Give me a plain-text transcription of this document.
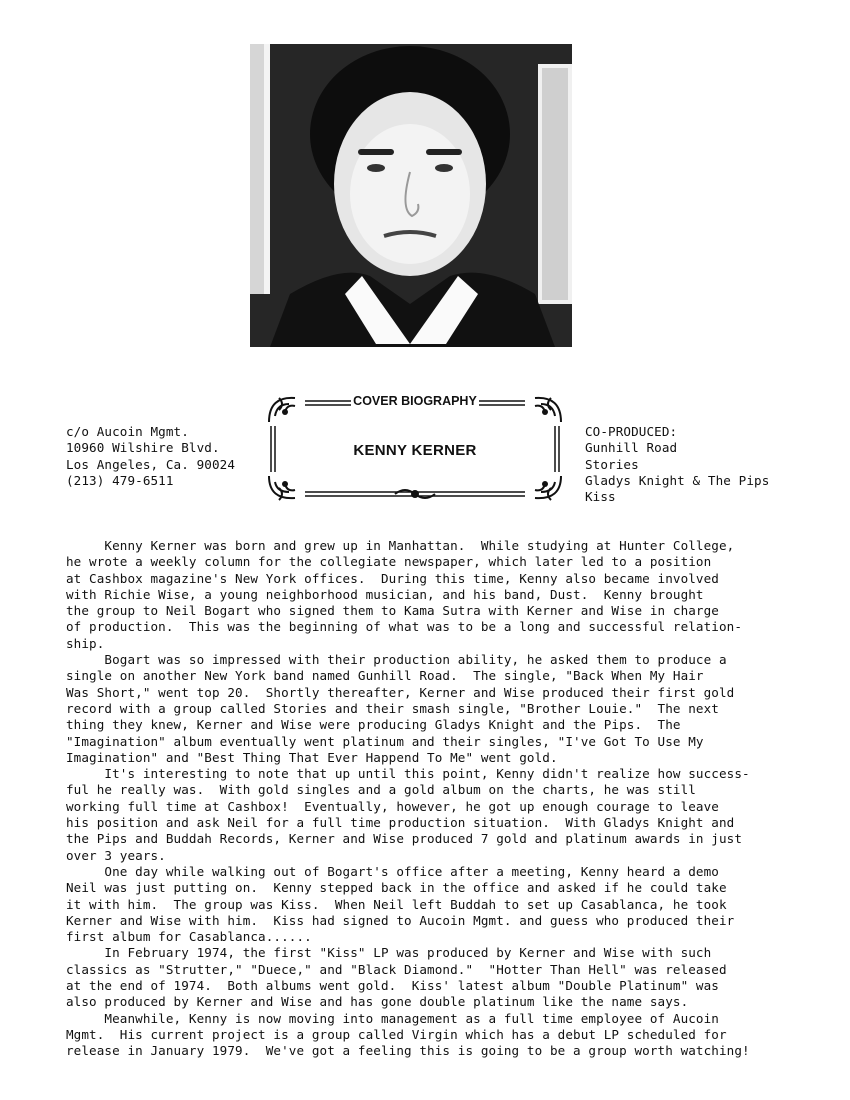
c/o Aucoin Mgmt.
10960 Wilshire Blvd.
Los Angeles, Ca. 90024
(213) 479-6511
COVER BIOGRAPHY
KENNY KERNER
CO-PRODUCED:
Gunhill Road
Stories
Gladys Knight & The Pips
Kiss
Kenny Kerner was born and grew up in Manhattan.  While studying at Hunter College,
he wrote a weekly column for the collegiate newspaper, which later led to a position
at Cashbox magazine's New York offices.  During this time, Kenny also became involved
with Richie Wise, a young neighborhood musician, and his band, Dust.  Kenny brought
the group to Neil Bogart who signed them to Kama Sutra with Kerner and Wise in charge
of production.  This was the beginning of what was to be a long and successful relation-
ship.
Bogart was so impressed with their production ability, he asked them to produce a
single on another New York band named Gunhill Road.  The single, "Back When My Hair
Was Short," went top 20.  Shortly thereafter, Kerner and Wise produced their first gold
record with a group called Stories and their smash single, "Brother Louie."  The next
thing they knew, Kerner and Wise were producing Gladys Knight and the Pips.  The
"Imagination" album eventually went platinum and their singles, "I've Got To Use My
Imagination" and "Best Thing That Ever Happend To Me" went gold.
It's interesting to note that up until this point, Kenny didn't realize how success-
ful he really was.  With gold singles and a gold album on the charts, he was still
working full time at Cashbox!  Eventually, however, he got up enough courage to leave
his position and ask Neil for a full time production situation.  With Gladys Knight and
the Pips and Buddah Records, Kerner and Wise produced 7 gold and platinum awards in just
over 3 years.
One day while walking out of Bogart's office after a meeting, Kenny heard a demo
Neil was just putting on.  Kenny stepped back in the office and asked if he could take
it with him.  The group was Kiss.  When Neil left Buddah to set up Casablanca, he took
Kerner and Wise with him.  Kiss had signed to Aucoin Mgmt. and guess who produced their
first album for Casablanca......
In February 1974, the first "Kiss" LP was produced by Kerner and Wise with such
classics as "Strutter," "Duece," and "Black Diamond."  "Hotter Than Hell" was released
at the end of 1974.  Both albums went gold.  Kiss' latest album "Double Platinum" was
also produced by Kerner and Wise and has gone double platinum like the name says.
Meanwhile, Kenny is now moving into management as a full time employee of Aucoin
Mgmt.  His current project is a group called Virgin which has a debut LP scheduled for
release in January 1979.  We've got a feeling this is going to be a group worth watching!
